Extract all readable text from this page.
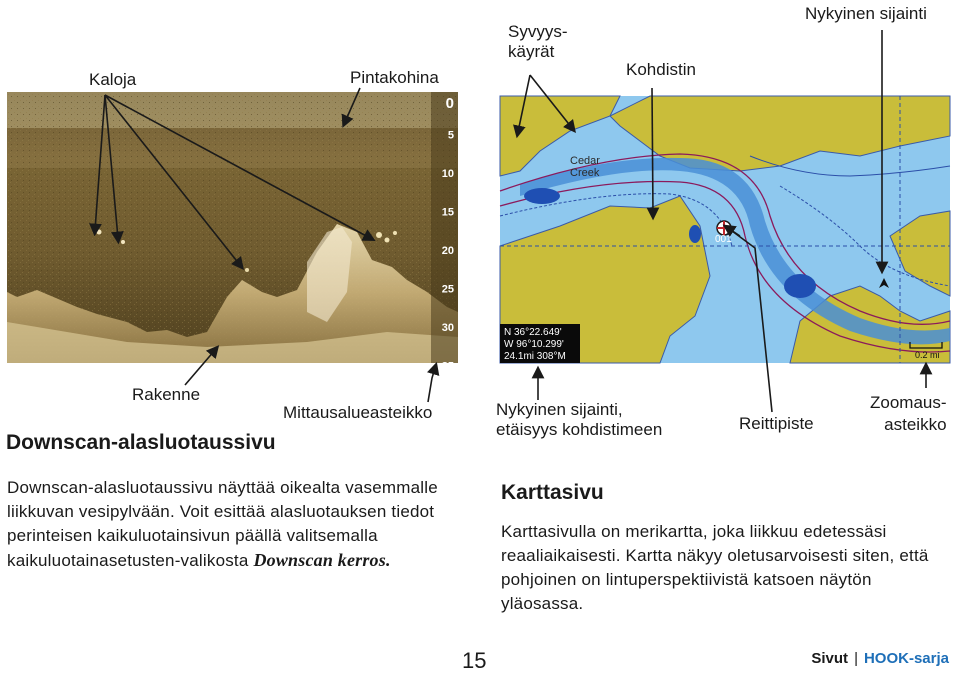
0
5
10
15
20
25
30
35
Cedar Creek
001
0.2 mi
N 36°22.649'
W 96°10.299'
24.1mi 308°M
Kaloja	Pintakohina
Rakenne
Mittausalueasteikko
Syvyys-
käyrät
Kohdistin
Nykyinen sijainti
Nykyinen sijainti,
etäisyys kohdistimeen	Reittipiste
Zoomaus-
asteikko
Downscan-alasluotaussivu
Downscan-alasluotaussivu näyttää oikealta vasemmalle liikkuvan vesipylvään. Voit esittää alasluotauksen tiedot perinteisen kaikuluotainsivun päällä valitsemalla kaikuluotainasetusten-valikosta Downscan kerros.
Karttasivu
Karttasivulla on merikartta, joka liikkuu edetessäsi reaaliaikaisesti. Kartta näkyy oletusarvoisesti siten, että pohjoinen on lintuperspektiivistä katsoen näytön yläosassa.
15	Sivut | HOOK-sarja
